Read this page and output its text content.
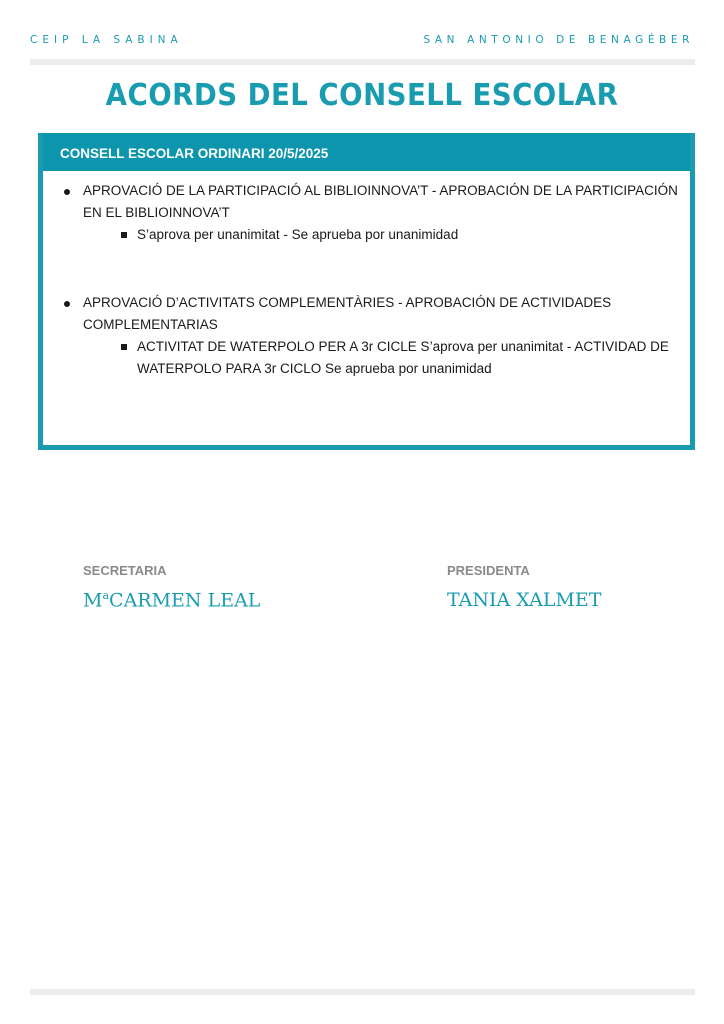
CEIP LA SABINA	SAN ANTONIO DE BENAGÉBER
ACORDS DEL CONSELL ESCOLAR
CONSELL ESCOLAR ORDINARI 20/5/2025
APROVACIÓ DE LA PARTICIPACIÓ AL BIBLIOINNOVA’T - APROBACIÓN DE LA PARTICIPACIÓN EN EL BIBLIOINNOVA’T
S’aprova per unanimitat - Se aprueba por unanimidad
APROVACIÓ D’ACTIVITATS COMPLEMENTÀRIES - APROBACIÓN DE ACTIVIDADES COMPLEMENTARIAS
ACTIVITAT DE WATERPOLO PER A 3r CICLE S’aprova per unanimitat - ACTIVIDAD DE WATERPOLO PARA 3r CICLO Se aprueba por unanimidad
SECRETARIA
$M^aCARMEN$ LEAL
PRESIDENTA
TANIA XALMET
